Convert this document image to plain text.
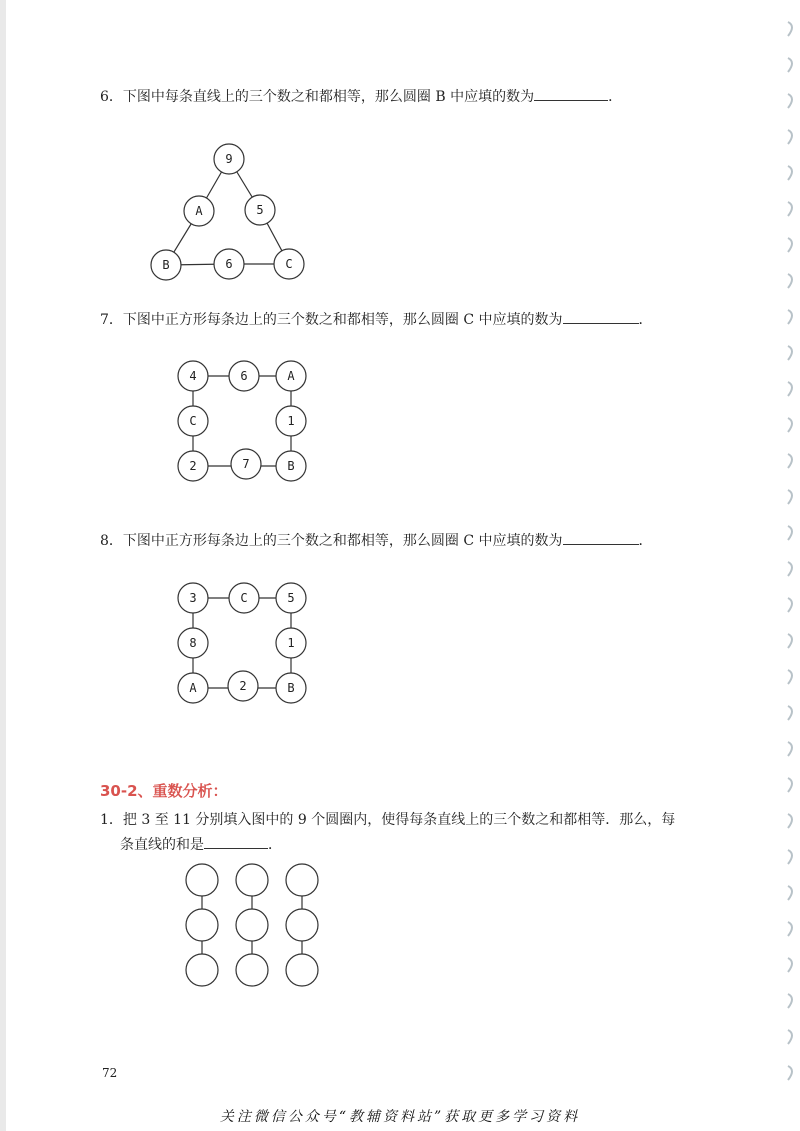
6．下图中每条直线上的三个数之和都相等，那么圆圈 B 中应填的数为	．
9
A	5
B	6	C
7．下图中正方形每条边上的三个数之和都相等，那么圆圈 C 中应填的数为	．
4	6	A
C	1
2	7	B
8．下图中正方形每条边上的三个数之和都相等，那么圆圈 C 中应填的数为	．
3	C	5
8	1
A	2	B
30-2、重数分析：
1．把 3 至 11 分别填入图中的 9 个圆圈内，使得每条直线上的三个数之和都相等．那么，每
条直线的和是	．
72
关注微信公众号“教辅资料站”获取更多学习资料
